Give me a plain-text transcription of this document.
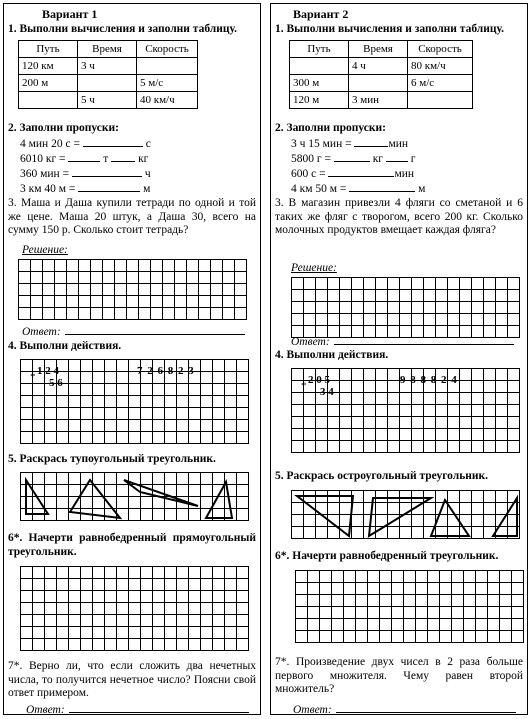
Вариант 1
1. Выполни вычисления и заполни таблицу.
Путь	Время	Скорость
120 км	3 ч	
200 м		5 м/с
	5 ч	40 км/ч
2. Заполни пропуски:
4 мин 20 с =	с
6010 кг =	т	кг
360 мин =	ч
3 км 40 м =	м
3. Маша и Даша купили тетради по одной и той же цене. Маша 20 штук, а Даша 30, всего на сумму 150 р. Сколько стоит тетрадь?
Решение:
Ответ:
4. Выполни действия.
1 2 4
5 6
*	7 2 6 8 2 3
5. Раскрась тупоугольный треугольник.
6*. Начерти равнобедренный прямоугольный треугольник.
7*. Верно ли, что если сложить два нечетных числа, то получится нечетное число? Поясни свой ответ примером.
Ответ:
Вариант 2
1. Выполни вычисления и заполни таблицу.
Путь	Время	Скорость
	4 ч	80 км/ч
300 м		6 м/с
120 м	3 мин	
2. Заполни пропуски:
3 ч 15 мин =	мин
5800 г =	кг г
600 с =	мин
4 км 50 м =	м
3. В магазин привезли 4 фляги со сметаной и 6 таких же фляг с творогом, всего 200 кг. Сколько молочных продуктов вмещает каждая фляга?
Решение:
Ответ:
4. Выполни действия.
2 0 5
3 4
*	9 8 8 8 2 4
5. Раскрась остроугольный треугольник.
6*. Начерти равнобедренный треугольник.
7*. Произведение двух чисел в 2 раза больше первого множителя. Чему равен второй множитель?
Ответ:
